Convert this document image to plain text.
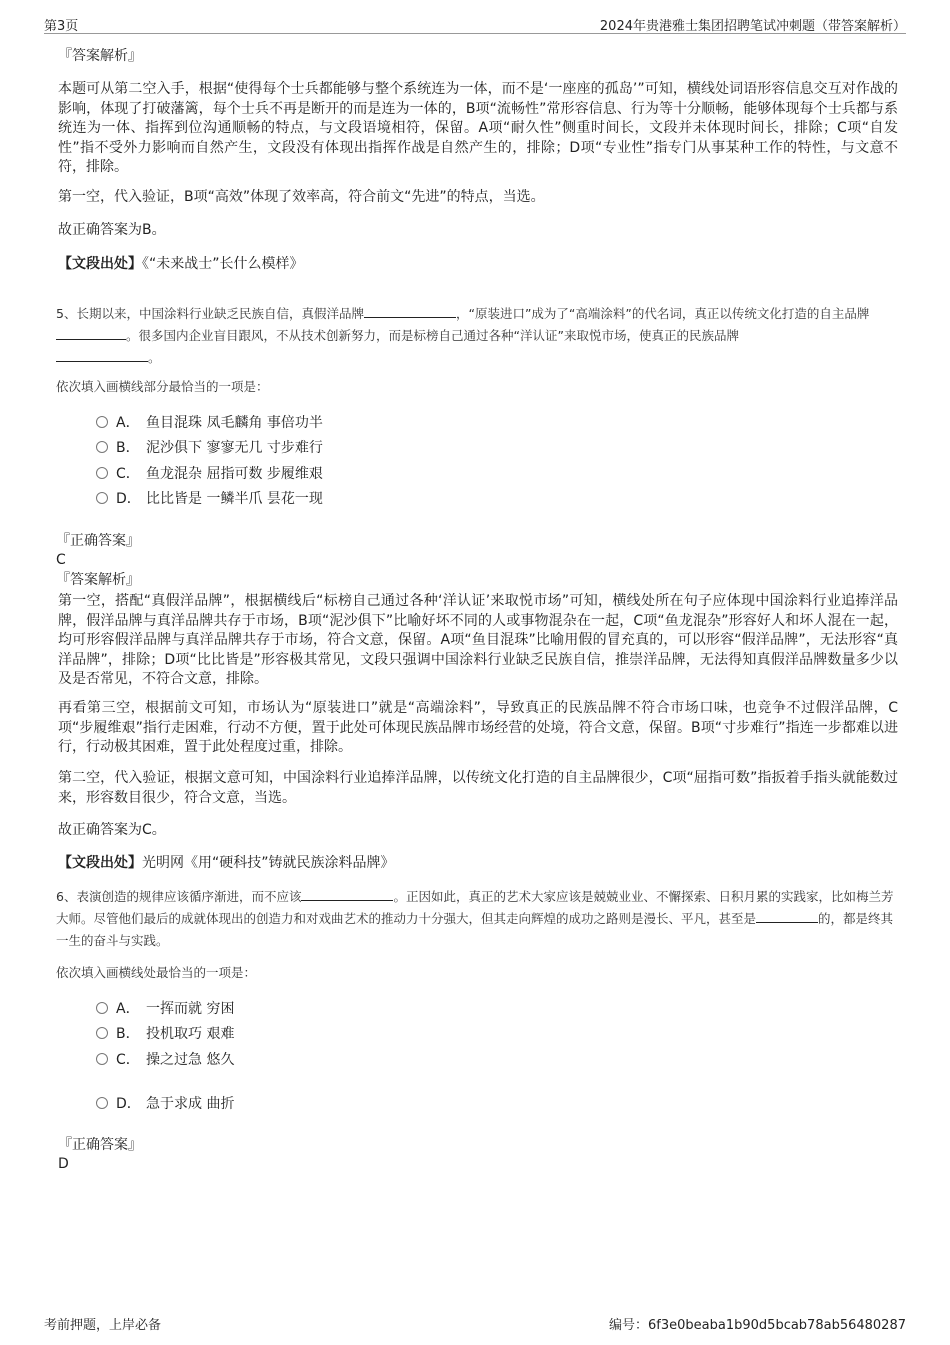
第3页	2024年贵港雅士集团招聘笔试冲刺题（带答案解析）

『答案解析』

本题可从第二空入手，根据“使得每个士兵都能够与整个系统连为一体，而不是‘一座座的孤岛’”可知，横线处词语形容信息交互对作战的影响，体现了打破藩篱，每个士兵不再是断开的而是连为一体的，B项“流畅性”常形容信息、行为等十分顺畅，能够体现每个士兵都与系统连为一体、指挥到位沟通顺畅的特点，与文段语境相符，保留。A项“耐久性”侧重时间长，文段并未体现时间长，排除；C项“自发性”指不受外力影响而自然产生，文段没有体现出指挥作战是自然产生的，排除；D项“专业性”指专门从事某种工作的特性，与文意不符，排除。

第一空，代入验证，B项“高效”体现了效率高，符合前文“先进”的特点，当选。

故正确答案为B。

【文段出处】《“未来战士”长什么模样》

5、长期以来，中国涂料行业缺乏民族自信，真假洋品牌	，“原装进口”成为了“高端涂料”的代名词，真正以传统文化打造的自主品牌。很多国内企业盲目跟风，不从技术创新努力，而是标榜自己通过各种“洋认证”来取悦市场，使真正的民族品牌
。

依次填入画横线部分最恰当的一项是：

A． 鱼目混珠 凤毛麟角 事倍功半
B． 泥沙俱下 寥寥无几 寸步难行
C． 鱼龙混杂 屈指可数 步履维艰
D． 比比皆是 一鳞半爪 昙花一现

『正确答案』

C

『答案解析』

第一空，搭配“真假洋品牌”，根据横线后“标榜自己通过各种‘洋认证’来取悦市场”可知，横线处所在句子应体现中国涂料行业追捧洋品牌，假洋品牌与真洋品牌共存于市场，B项“泥沙俱下”比喻好坏不同的人或事物混杂在一起，C项“鱼龙混杂”形容好人和坏人混在一起，均可形容假洋品牌与真洋品牌共存于市场，符合文意，保留。A项“鱼目混珠”比喻用假的冒充真的，可以形容“假洋品牌”，无法形容“真洋品牌”，排除；D项“比比皆是”形容极其常见，文段只强调中国涂料行业缺乏民族自信，推崇洋品牌，无法得知真假洋品牌数量多少以及是否常见，不符合文意，排除。

再看第三空，根据前文可知，市场认为“原装进口”就是“高端涂料”，导致真正的民族品牌不符合市场口味，也竞争不过假洋品牌，C项“步履维艰”指行走困难，行动不方便，置于此处可体现民族品牌市场经营的处境，符合文意，保留。B项“寸步难行”指连一步都难以进行，行动极其困难，置于此处程度过重，排除。

第二空，代入验证，根据文意可知，中国涂料行业追捧洋品牌，以传统文化打造的自主品牌很少，C项“屈指可数”指扳着手指头就能数过来，形容数目很少，符合文意，当选。

故正确答案为C。

【文段出处】光明网《用“硬科技”铸就民族涂料品牌》

6、表演创造的规律应该循序渐进，而不应该	。正因如此，真正的艺术大家应该是兢兢业业、不懈探索、日积月累的实践家，比如梅兰芳大师。尽管他们最后的成就体现出的创造力和对戏曲艺术的推动力十分强大，但其走向辉煌的成功之路则是漫长、平凡，甚至是	的，都是终其一生的奋斗与实践。

依次填入画横线处最恰当的一项是：

A． 一挥而就 穷困
B． 投机取巧 艰难
C． 操之过急 悠久
D． 急于求成 曲折

『正确答案』

D

考前押题，上岸必备	编号：6f3e0beaba1b90d5bcab78ab56480287
